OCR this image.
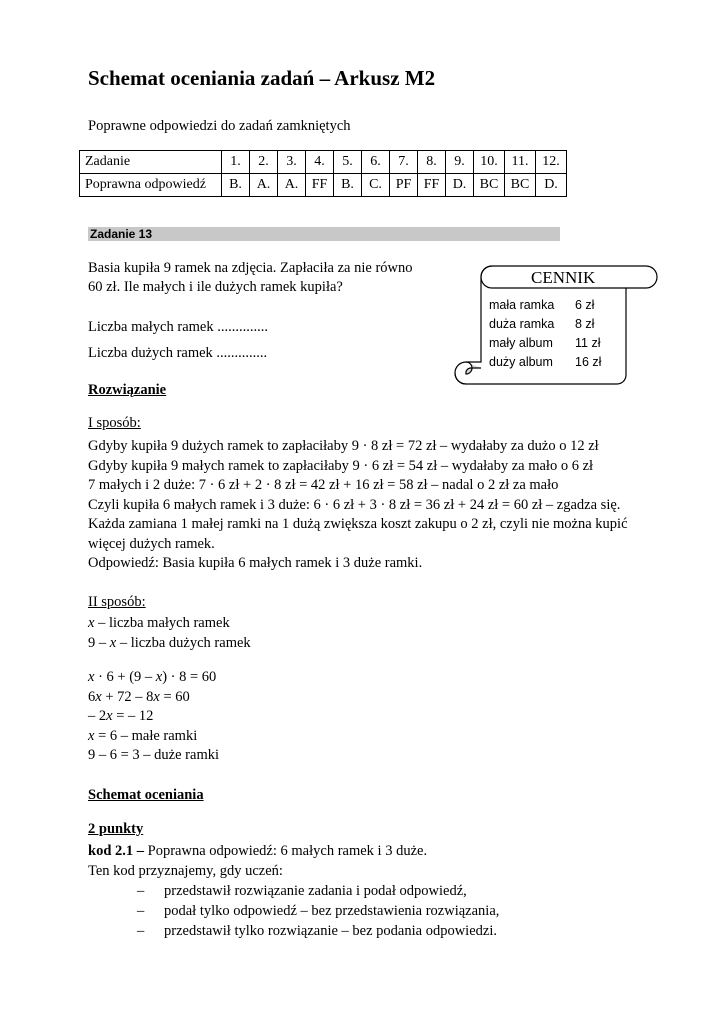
Schemat oceniania zadań – Arkusz M2
Poprawne odpowiedzi do zadań zamkniętych
Zadanie	1.	2.	3.	4.	5.	6.	7.	8.	9.	10.	11.	12.
Poprawna odpowiedź	B.	A.	A.	FF	B.	C.	PF	FF	D.	BC	BC	D.
Zadanie 13
Basia kupiła 9 ramek na zdjęcia. Zapłaciła za nie równo
60 zł. Ile małych i ile dużych ramek kupiła?
Liczba małych ramek ..............
Liczba dużych ramek ..............
CENNIK
mała ramka 6 zł
duża ramka 8 zł
mały album 11 zł
duży album 16 zł
Rozwiązanie
I sposób:
Gdyby kupiła 9 dużych ramek to zapłaciłaby 9 · 8 zł = 72 zł – wydałaby za dużo o 12 zł
Gdyby kupiła 9 małych ramek to zapłaciłaby 9 · 6 zł = 54 zł – wydałaby za mało o 6 zł
7 małych i 2 duże: 7 · 6 zł + 2 · 8 zł = 42 zł + 16 zł = 58 zł – nadal o 2 zł za mało
Czyli kupiła 6 małych ramek i 3 duże: 6 · 6 zł + 3 · 8 zł = 36 zł + 24 zł = 60 zł – zgadza się.
Każda zamiana 1 małej ramki na 1 dużą zwiększa koszt zakupu o 2 zł, czyli nie można kupić
więcej dużych ramek.
Odpowiedź: Basia kupiła 6 małych ramek i 3 duże ramki.
II sposób:
x – liczba małych ramek
9 – x – liczba dużych ramek
x · 6 + (9 – x) · 8 = 60
6x + 72 – 8x = 60
– 2x = – 12
x = 6 – małe ramki
9 – 6 = 3 – duże ramki
Schemat oceniania
2 punkty
kod 2.1 – Poprawna odpowiedź: 6 małych ramek i 3 duże.
Ten kod przyznajemy, gdy uczeń:
– przedstawił rozwiązanie zadania i podał odpowiedź,
– podał tylko odpowiedź – bez przedstawienia rozwiązania,
– przedstawił tylko rozwiązanie – bez podania odpowiedzi.
